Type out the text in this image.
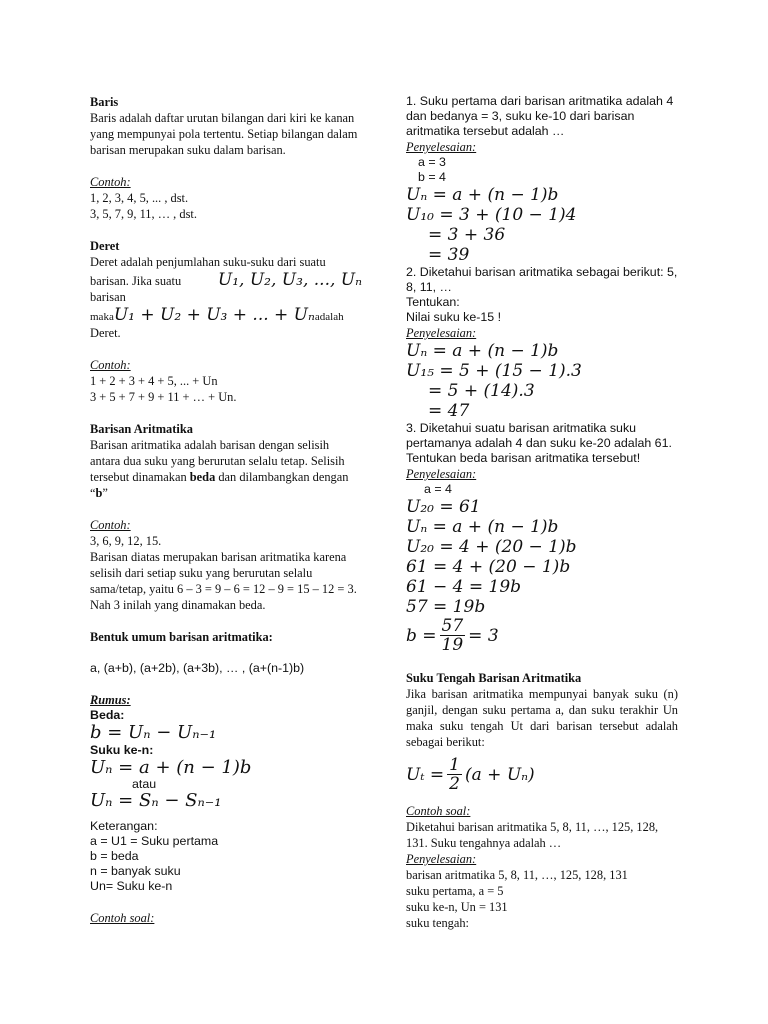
Baris
Baris adalah daftar urutan bilangan dari kiri ke kanan yang mempunyai pola tertentu. Setiap bilangan dalam barisan merupakan suku dalam barisan.
Contoh:
1, 2, 3, 4, 5, ... , dst.
3, 5, 7, 9, 11, … , dst.
Deret
Deret adalah penjumlahan suku-suku dari suatu
barisan. Jika suatu barisan
U₁, U₂, U₃, ..., Uₙ
maka U₁ + U₂ + U₃ + ... + Uₙ adalah
Deret.
Contoh:
1 + 2 + 3 + 4 + 5, ... + Un
3 + 5 + 7 + 9 + 11 + … + Un.
Barisan Aritmatika
Barisan aritmatika adalah barisan dengan selisih antara dua suku yang berurutan selalu tetap. Selisih tersebut dinamakan beda dan dilambangkan dengan “b”
Contoh:
3, 6, 9, 12, 15.
Barisan diatas merupakan barisan aritmatika karena selisih dari setiap suku yang berurutan selalu sama/tetap, yaitu 6 – 3 = 9 – 6 = 12 – 9 = 15 – 12 = 3. Nah 3 inilah yang dinamakan beda.
Bentuk umum barisan aritmatika:
a, (a+b), (a+2b), (a+3b), … , (a+(n-1)b)
Rumus:
Beda:
b = Uₙ − Uₙ₋₁
Suku ke-n:
Uₙ = a + (n − 1)b
atau
Uₙ = Sₙ − Sₙ₋₁
Keterangan:
a = U1 = Suku pertama
b = beda
n = banyak suku
Un= Suku ke-n
Contoh soal:
1. Suku pertama dari barisan aritmatika adalah 4 dan bedanya = 3, suku ke-10 dari barisan aritmatika tersebut adalah …
Penyelesaian:
a = 3
b = 4
Uₙ = a + (n − 1)b
U₁₀ = 3 + (10 − 1)4
= 3 + 36
= 39
2. Diketahui barisan aritmatika sebagai berikut: 5, 8, 11, …
Tentukan:
Nilai suku ke-15 !
Penyelesaian:
Uₙ = a + (n − 1)b
U₁₅ = 5 + (15 − 1).3
= 5 + (14).3
= 47
3. Diketahui suatu barisan aritmatika suku pertamanya adalah 4 dan suku ke-20 adalah 61.
Tentukan beda barisan aritmatika tersebut!
Penyelesaian:
a = 4
U₂₀ = 61
Uₙ = a + (n − 1)b
U₂₀ = 4 + (20 − 1)b
61 = 4 + (20 − 1)b
61 − 4 = 19b
57 = 19b
$b = \frac{57}{19} = 3$
Suku Tengah Barisan Aritmatika
Jika barisan aritmatika mempunyai banyak suku (n) ganjil, dengan suku pertama a, dan suku terakhir Un maka suku tengah Ut dari barisan tersebut adalah sebagai berikut:
$U_t = \frac{1}{2} (a + U_n)$
Contoh soal:
Diketahui barisan aritmatika 5, 8, 11, …, 125, 128, 131. Suku tengahnya adalah …
Penyelesaian:
barisan aritmatika 5, 8, 11, …, 125, 128, 131
suku pertama, a = 5
suku ke-n, Un = 131
suku tengah:
